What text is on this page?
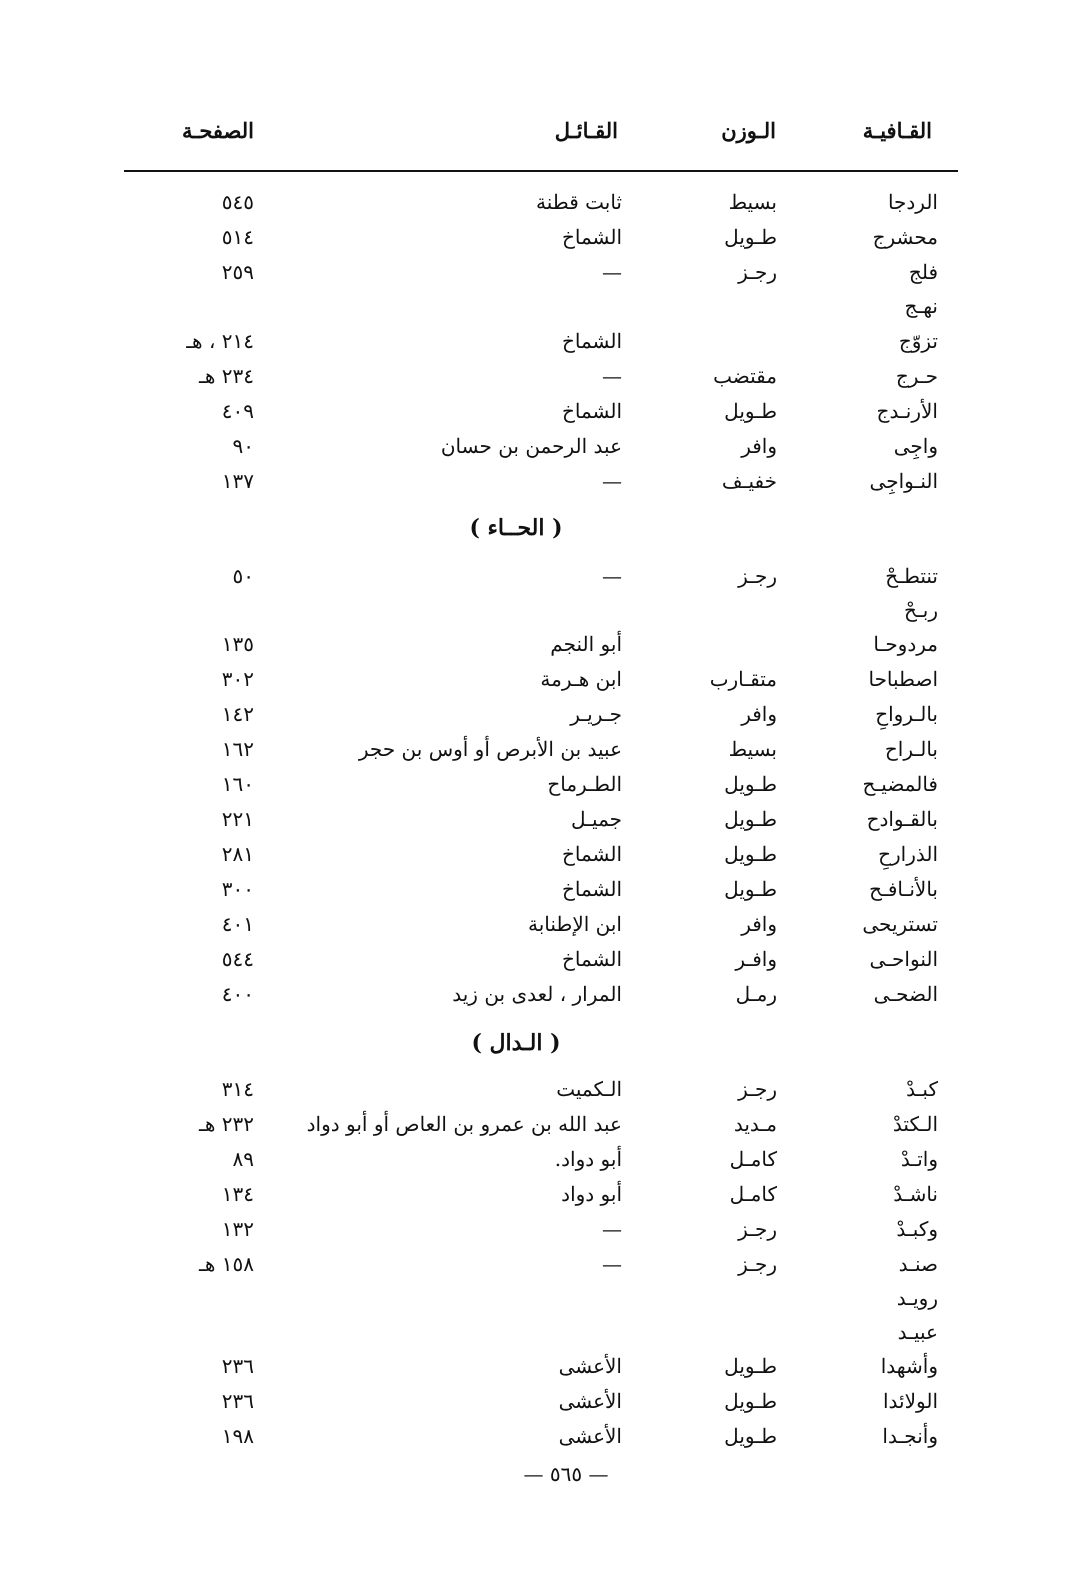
القـافيـة
الـوزن
القـائـل
الصفحـة
الردجا
بسيط
ثابت قطنة
٥٤٥
محشرج
طـويل
الشماخ
٥١٤
فلج
رجـز
—
٢٥٩
نهـج
تزوّج
الشماخ
٢١٤ ، هـ
حـرج
مقتضب
—
٢٣٤ هـ
الأرنـدج
طـويل
الشماخ
٤٠٩
واجِى
وافر
عبد الرحمن بن حسان
٩٠
النـواجِى
خفيـف
—
١٣٧
( الحــاء )
تنتطـحْ
رجـز
—
٥٠
ربـحْ
مردوحـا
أبو النجم
١٣٥
اصطباحا
متقـارب
ابن هـرمة
٣٠٢
بالـرواحِ
وافر
جـريـر
١٤٢
بالـراح
بسيط
عبيد بن الأبرص أو أوس بن حجر
١٦٢
فالمضيـح
طـويل
الطـرماح
١٦٠
بالقـوادح
طـويل
جميـل
٢٢١
الذرارحِ
طـويل
الشماخ
٢٨١
بالأنـافـح
طـويل
الشماخ
٣٠٠
تستريحى
وافر
ابن الإطنابة
٤٠١
النواحـى
وافـر
الشماخ
٥٤٤
الضحـى
رمـل
المرار ، لعدى بن زيد
٤٠٠
( الـدال )
كبـدْ
رجـز
الـكميت
٣١٤
الـكتدْ
مـديد
عبد الله بن عمرو بن العاص أو أبو دواد
٢٣٢ هـ
واتـدْ
كامـل
أبو دواد.
٨٩
ناشـدْ
كامـل
أبو دواد
١٣٤
وكبـدْ
رجـز
—
١٣٢
صنـد
رجـز
—
١٥٨ هـ
رويـد
عبيـد
وأشهدا
طـويل
الأعشى
٢٣٦
الولائدا
طـويل
الأعشى
٢٣٦
وأنجـدا
طـويل
الأعشى
١٩٨
— ٥٦٥ —
